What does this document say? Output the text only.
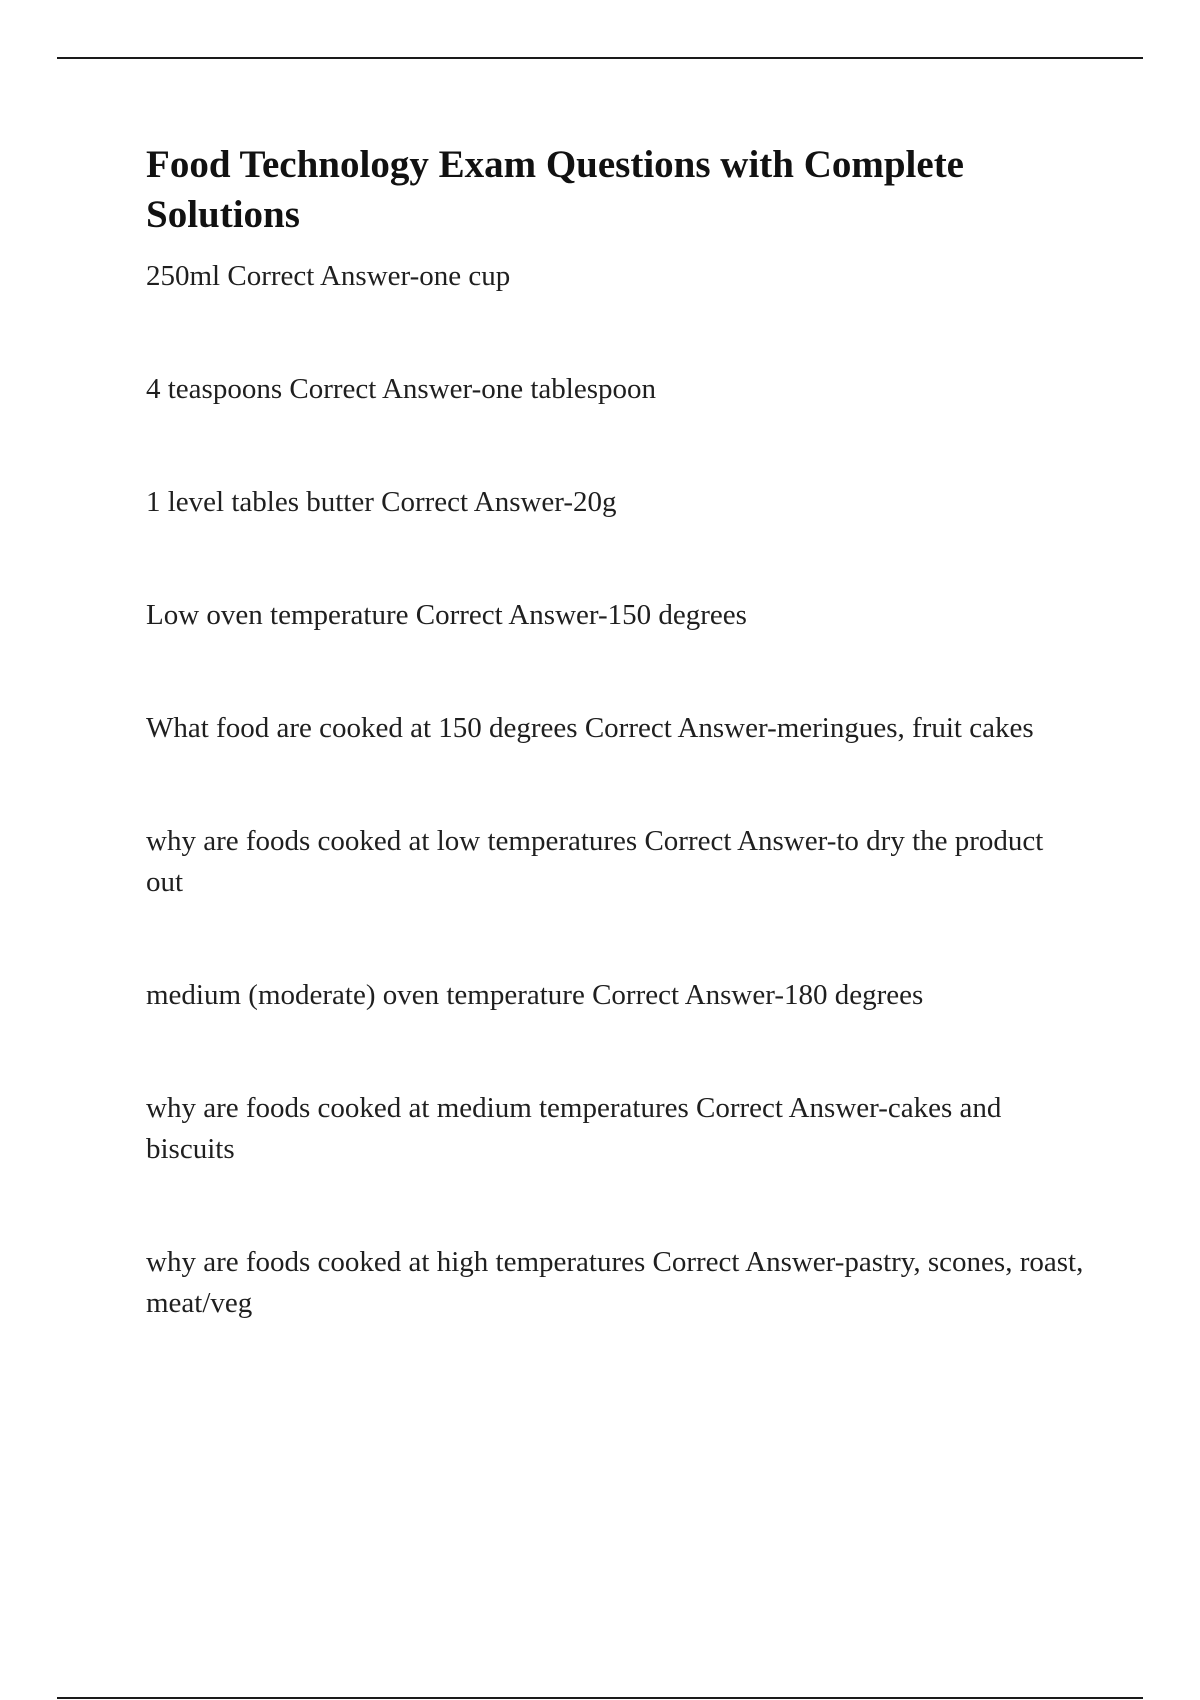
Food Technology Exam Questions with Complete Solutions
250ml Correct Answer-one cup
4 teaspoons Correct Answer-one tablespoon
1 level tables butter Correct Answer-20g
Low oven temperature Correct Answer-150 degrees
What food are cooked at 150 degrees Correct Answer-meringues, fruit cakes
why are foods cooked at low temperatures Correct Answer-to dry the product out
medium (moderate) oven temperature Correct Answer-180 degrees
why are foods cooked at medium temperatures Correct Answer-cakes and biscuits
why are foods cooked at high temperatures Correct Answer-pastry, scones, roast, meat/veg
